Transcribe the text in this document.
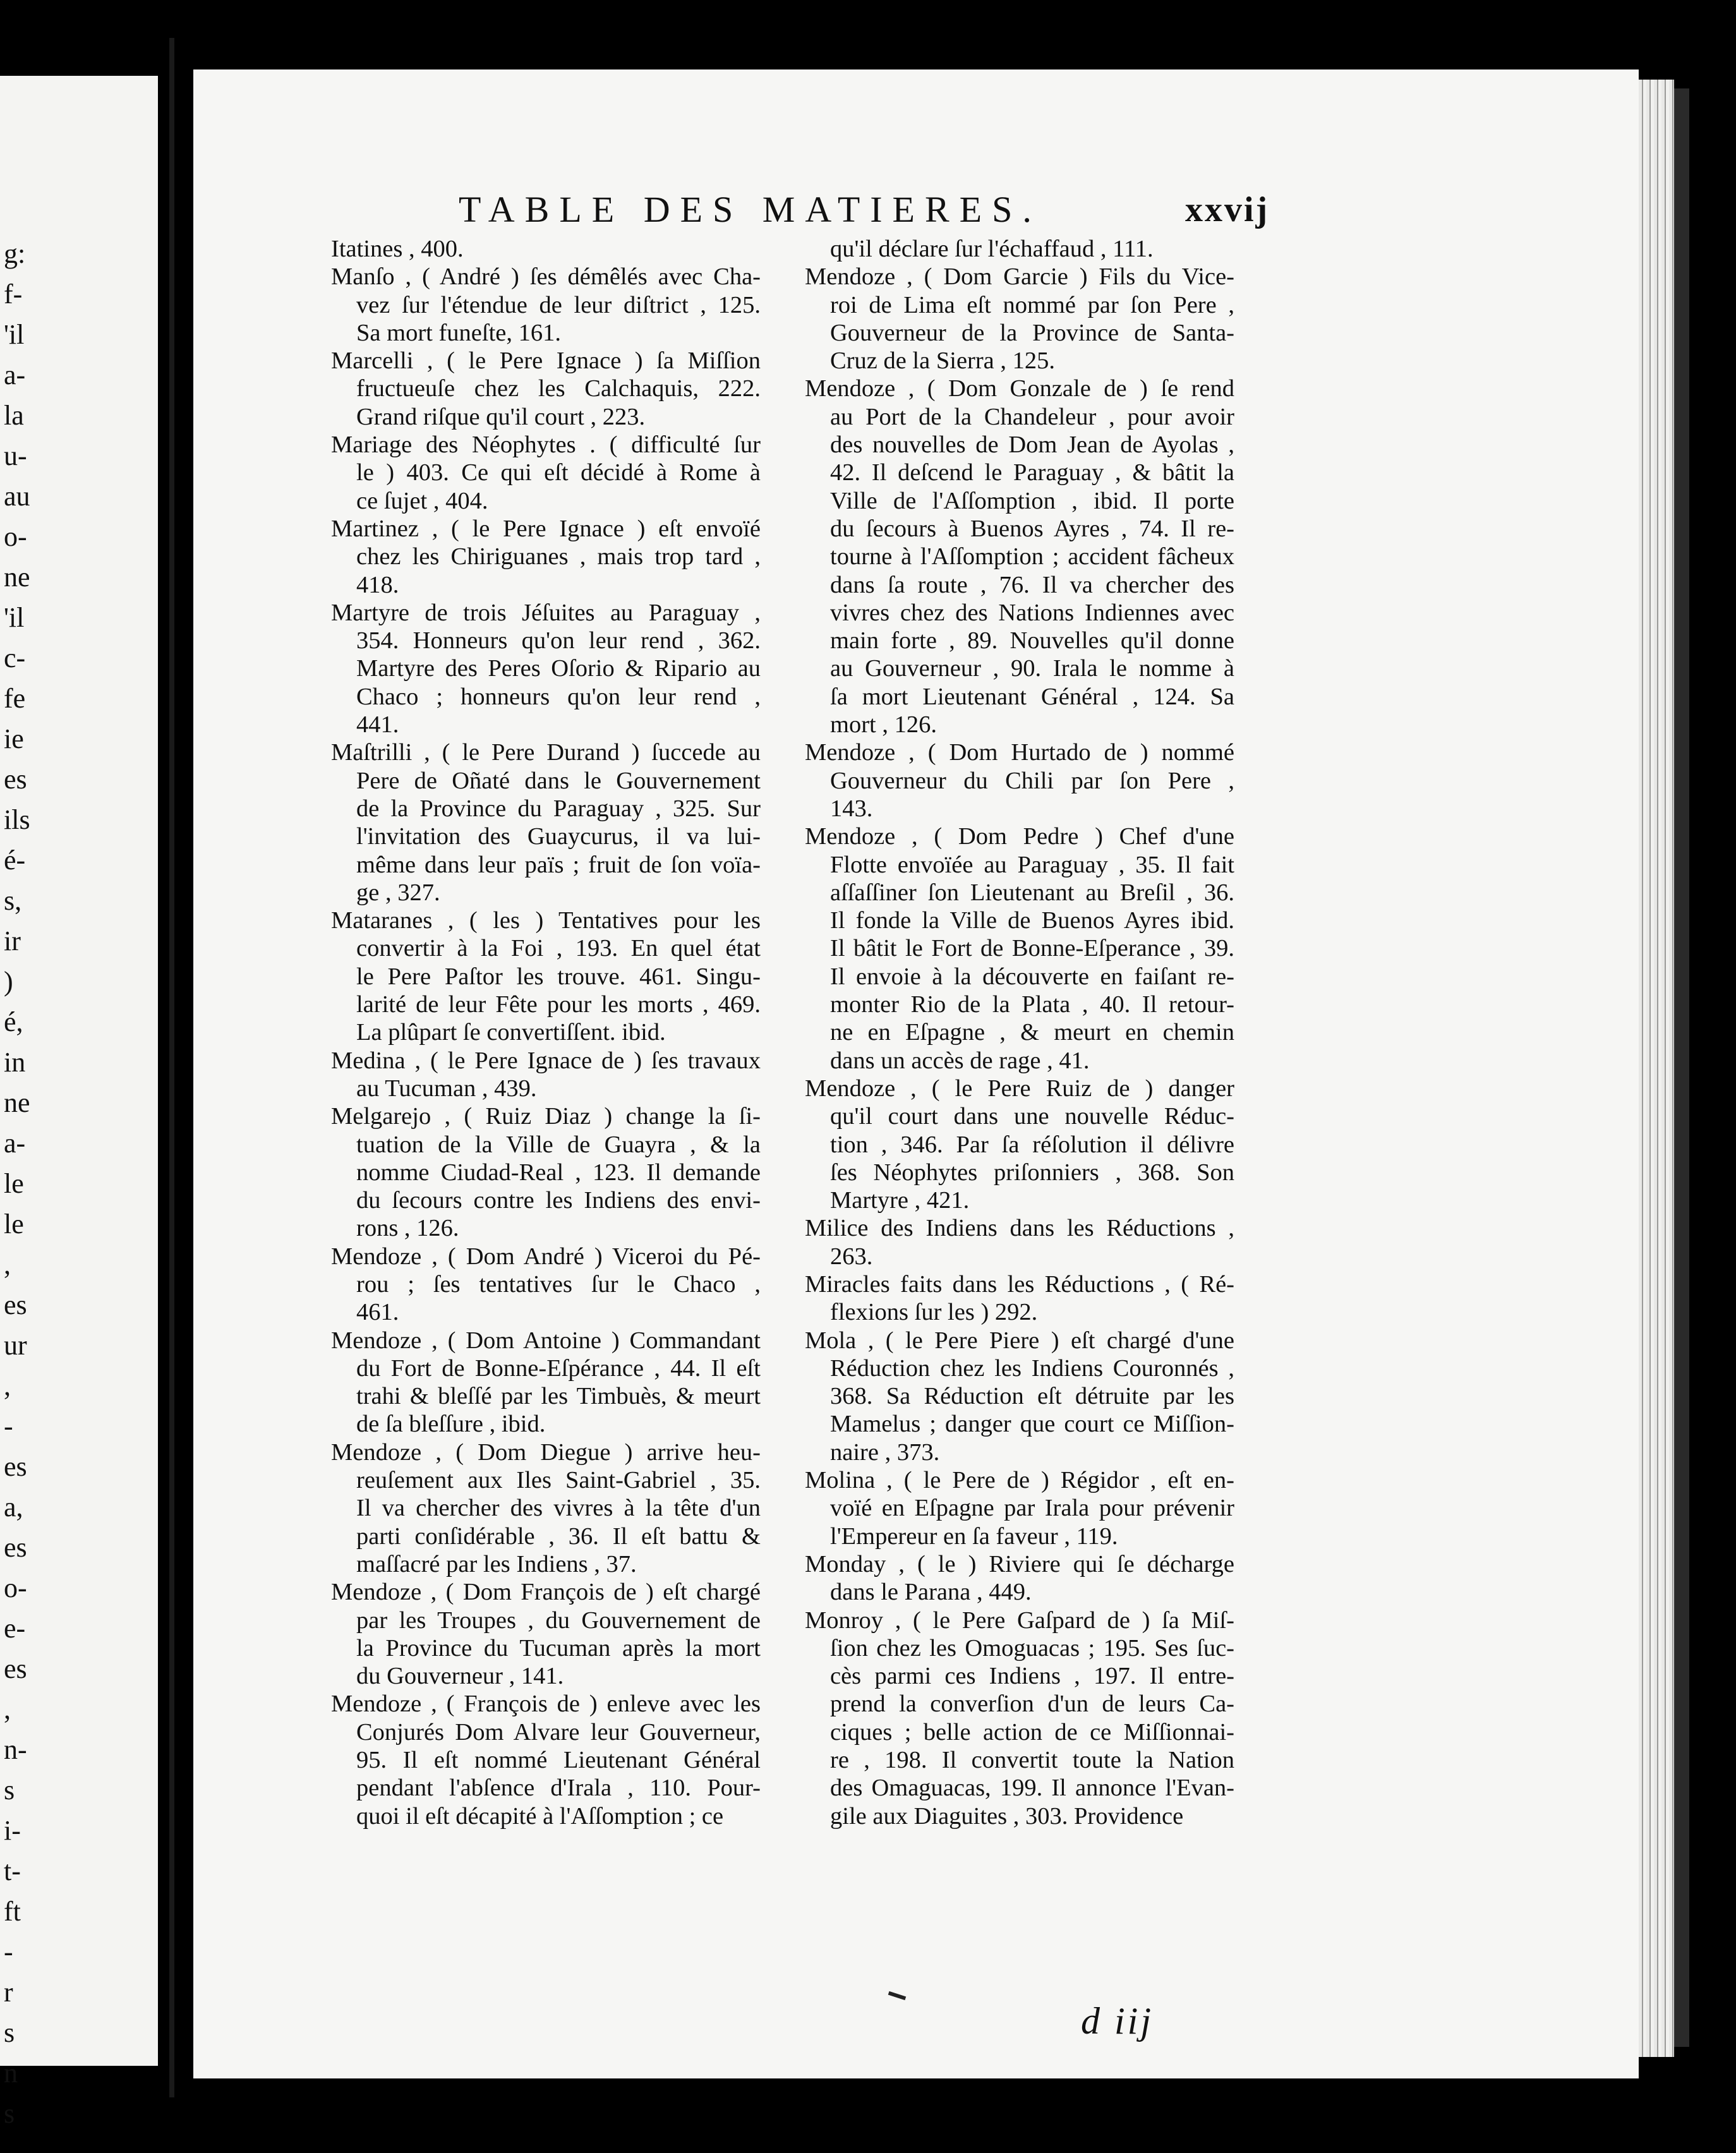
g:
f-
'il
a-
la
u-
au
o-
ne
'il
c-
fe
ie
es
ils
é-
s,
ir
)
é,
in
ne
a-
le
le
,
es
ur
,
-
es
a,
es
o-
e-
es
,
n-
s
i-
t-
ft
-
r
s
n
s
TABLE DES MATIERES.	xxvij
Itatines , 400.
Manſo , ( André ) ſes démêlés avec Cha-
vez ſur l'étendue de leur diſtrict , 125.
Sa mort funeſte, 161.
Marcelli , ( le Pere Ignace ) ſa Miſſion
fructueuſe chez les Calchaquis, 222.
Grand riſque qu'il court , 223.
Mariage des Néophytes . ( difficulté ſur
le ) 403. Ce qui eſt décidé à Rome à
ce ſujet , 404.
Martinez , ( le Pere Ignace ) eſt envoïé
chez les Chiriguanes , mais trop tard ,
418.
Martyre de trois Jéſuites au Paraguay ,
354. Honneurs qu'on leur rend , 362.
Martyre des Peres Oſorio & Ripario au
Chaco ; honneurs qu'on leur rend ,
441.
Maſtrilli , ( le Pere Durand ) ſuccede au
Pere de Oñaté dans le Gouvernement
de la Province du Paraguay , 325. Sur
l'invitation des Guaycurus, il va lui-
même dans leur païs ; fruit de ſon voïa-
ge , 327.
Mataranes , ( les ) Tentatives pour les
convertir à la Foi , 193. En quel état
le Pere Paſtor les trouve. 461. Singu-
larité de leur Fête pour les morts , 469.
La plûpart ſe convertiſſent. ibid.
Medina , ( le Pere Ignace de ) ſes travaux
au Tucuman , 439.
Melgarejo , ( Ruiz Diaz ) change la ſi-
tuation de la Ville de Guayra , & la
nomme Ciudad-Real , 123. Il demande
du ſecours contre les Indiens des envi-
rons , 126.
Mendoze , ( Dom André ) Viceroi du Pé-
rou ; ſes tentatives ſur le Chaco ,
461.
Mendoze , ( Dom Antoine ) Commandant
du Fort de Bonne-Eſpérance , 44. Il eſt
trahi & bleſſé par les Timbuès, & meurt
de ſa bleſſure , ibid.
Mendoze , ( Dom Diegue ) arrive heu-
reuſement aux Iles Saint-Gabriel , 35.
Il va chercher des vivres à la tête d'un
parti conſidérable , 36. Il eſt battu &
maſſacré par les Indiens , 37.
Mendoze , ( Dom François de ) eſt chargé
par les Troupes , du Gouvernement de
la Province du Tucuman après la mort
du Gouverneur , 141.
Mendoze , ( François de ) enleve avec les
Conjurés Dom Alvare leur Gouverneur,
95. Il eſt nommé Lieutenant Général
pendant l'abſence d'Irala , 110. Pour-
quoi il eſt décapité à l'Aſſomption ; ce
qu'il déclare ſur l'échaffaud , 111.
Mendoze , ( Dom Garcie ) Fils du Vice-
roi de Lima eſt nommé par ſon Pere ,
Gouverneur de la Province de Santa-
Cruz de la Sierra , 125.
Mendoze , ( Dom Gonzale de ) ſe rend
au Port de la Chandeleur , pour avoir
des nouvelles de Dom Jean de Ayolas ,
42. Il deſcend le Paraguay , & bâtit la
Ville de l'Aſſomption , ibid. Il porte
du ſecours à Buenos Ayres , 74. Il re-
tourne à l'Aſſomption ; accident fâcheux
dans ſa route , 76. Il va chercher des
vivres chez des Nations Indiennes avec
main forte , 89. Nouvelles qu'il donne
au Gouverneur , 90. Irala le nomme à
ſa mort Lieutenant Général , 124. Sa
mort , 126.
Mendoze , ( Dom Hurtado de ) nommé
Gouverneur du Chili par ſon Pere ,
143.
Mendoze , ( Dom Pedre ) Chef d'une
Flotte envoïée au Paraguay , 35. Il fait
aſſaſſiner ſon Lieutenant au Breſil , 36.
Il fonde la Ville de Buenos Ayres ibid.
Il bâtit le Fort de Bonne-Eſperance , 39.
Il envoie à la découverte en faiſant re-
monter Rio de la Plata , 40. Il retour-
ne en Eſpagne , & meurt en chemin
dans un accès de rage , 41.
Mendoze , ( le Pere Ruiz de ) danger
qu'il court dans une nouvelle Réduc-
tion , 346. Par ſa réſolution il délivre
ſes Néophytes priſonniers , 368. Son
Martyre , 421.
Milice des Indiens dans les Réductions ,
263.
Miracles faits dans les Réductions , ( Ré-
flexions ſur les ) 292.
Mola , ( le Pere Piere ) eſt chargé d'une
Réduction chez les Indiens Couronnés ,
368. Sa Réduction eſt détruite par les
Mamelus ; danger que court ce Miſſion-
naire , 373.
Molina , ( le Pere de ) Régidor , eſt en-
voïé en Eſpagne par Irala pour prévenir
l'Empereur en ſa faveur , 119.
Monday , ( le ) Riviere qui ſe décharge
dans le Parana , 449.
Monroy , ( le Pere Gaſpard de ) ſa Miſ-
ſion chez les Omoguacas ; 195. Ses ſuc-
cès parmi ces Indiens , 197. Il entre-
prend la converſion d'un de leurs Ca-
ciques ; belle action de ce Miſſionnai-
re , 198. Il convertit toute la Nation
des Omaguacas, 199. Il annonce l'Evan-
gile aux Diaguites , 303. Providence
d iij
